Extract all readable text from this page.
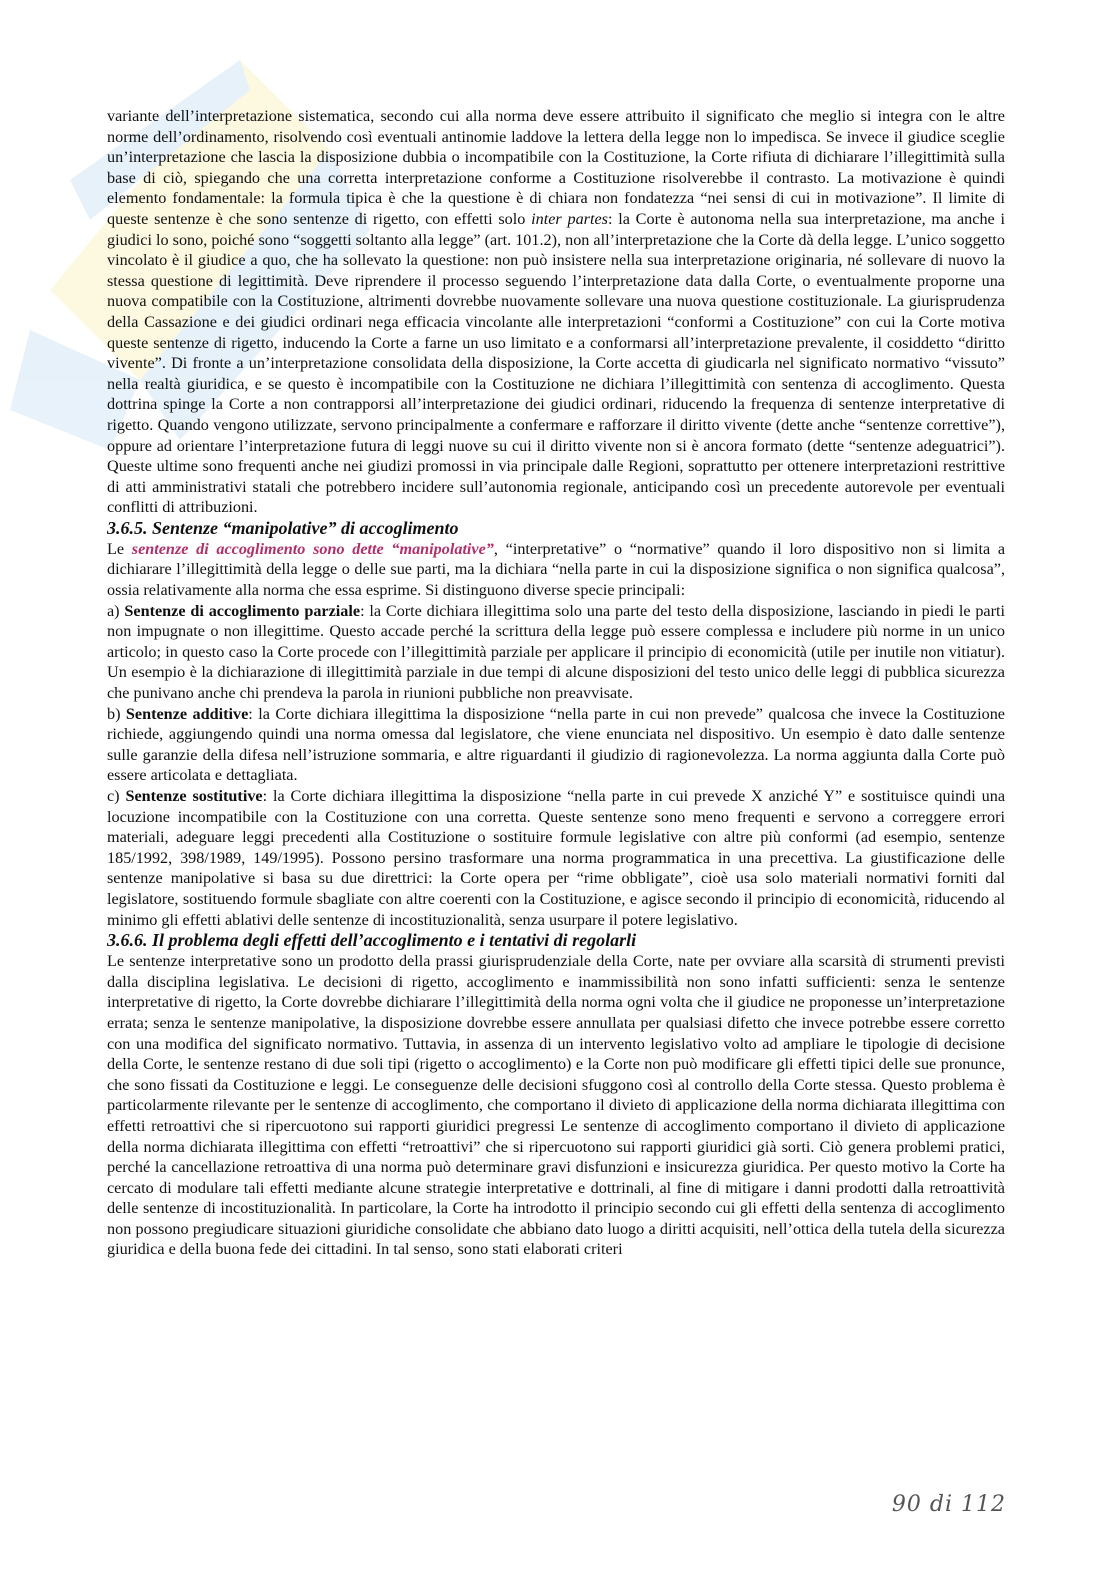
variante dell’interpretazione sistematica, secondo cui alla norma deve essere attribuito il significato che meglio si integra con le altre norme dell’ordinamento, risolvendo così eventuali antinomie laddove la lettera della legge non lo impedisca. Se invece il giudice sceglie un’interpretazione che lascia la disposizione dubbia o incompatibile con la Costituzione, la Corte rifiuta di dichiarare l’illegittimità sulla base di ciò, spiegando che una corretta interpretazione conforme a Costituzione risolverebbe il contrasto. La motivazione è quindi elemento fondamentale: la formula tipica è che la questione è di chiara non fondatezza “nei sensi di cui in motivazione”. Il limite di queste sentenze è che sono sentenze di rigetto, con effetti solo inter partes: la Corte è autonoma nella sua interpretazione, ma anche i giudici lo sono, poiché sono “soggetti soltanto alla legge” (art. 101.2), non all’interpretazione che la Corte dà della legge. L’unico soggetto vincolato è il giudice a quo, che ha sollevato la questione: non può insistere nella sua interpretazione originaria, né sollevare di nuovo la stessa questione di legittimità. Deve riprendere il processo seguendo l’interpretazione data dalla Corte, o eventualmente proporne una nuova compatibile con la Costituzione, altrimenti dovrebbe nuovamente sollevare una nuova questione costituzionale. La giurisprudenza della Cassazione e dei giudici ordinari nega efficacia vincolante alle interpretazioni “conformi a Costituzione” con cui la Corte motiva queste sentenze di rigetto, inducendo la Corte a farne un uso limitato e a conformarsi all’interpretazione prevalente, il cosiddetto “diritto vivente”. Di fronte a un’interpretazione consolidata della disposizione, la Corte accetta di giudicarla nel significato normativo “vissuto” nella realtà giuridica, e se questo è incompatibile con la Costituzione ne dichiara l’illegittimità con sentenza di accoglimento. Questa dottrina spinge la Corte a non contrapporsi all’interpretazione dei giudici ordinari, riducendo la frequenza di sentenze interpretative di rigetto. Quando vengono utilizzate, servono principalmente a confermare e rafforzare il diritto vivente (dette anche “sentenze correttive”), oppure ad orientare l’interpretazione futura di leggi nuove su cui il diritto vivente non si è ancora formato (dette “sentenze adeguatrici”). Queste ultime sono frequenti anche nei giudizi promossi in via principale dalle Regioni, soprattutto per ottenere interpretazioni restrittive di atti amministrativi statali che potrebbero incidere sull’autonomia regionale, anticipando così un precedente autorevole per eventuali conflitti di attribuzioni.

3.6.5. Sentenze “manipolative” di accoglimento

Le sentenze di accoglimento sono dette “manipolative”, “interpretative” o “normative” quando il loro dispositivo non si limita a dichiarare l’illegittimità della legge o delle sue parti, ma la dichiara “nella parte in cui la disposizione significa o non significa qualcosa”, ossia relativamente alla norma che essa esprime. Si distinguono diverse specie principali:

a) Sentenze di accoglimento parziale: la Corte dichiara illegittima solo una parte del testo della disposizione, lasciando in piedi le parti non impugnate o non illegittime. Questo accade perché la scrittura della legge può essere complessa e includere più norme in un unico articolo; in questo caso la Corte procede con l’illegittimità parziale per applicare il principio di economicità (utile per inutile non vitiatur). Un esempio è la dichiarazione di illegittimità parziale in due tempi di alcune disposizioni del testo unico delle leggi di pubblica sicurezza che punivano anche chi prendeva la parola in riunioni pubbliche non preavvisate.

b) Sentenze additive: la Corte dichiara illegittima la disposizione “nella parte in cui non prevede” qualcosa che invece la Costituzione richiede, aggiungendo quindi una norma omessa dal legislatore, che viene enunciata nel dispositivo. Un esempio è dato dalle sentenze sulle garanzie della difesa nell’istruzione sommaria, e altre riguardanti il giudizio di ragionevolezza. La norma aggiunta dalla Corte può essere articolata e dettagliata.

c) Sentenze sostitutive: la Corte dichiara illegittima la disposizione “nella parte in cui prevede X anziché Y” e sostituisce quindi una locuzione incompatibile con la Costituzione con una corretta. Queste sentenze sono meno frequenti e servono a correggere errori materiali, adeguare leggi precedenti alla Costituzione o sostituire formule legislative con altre più conformi (ad esempio, sentenze 185/1992, 398/1989, 149/1995). Possono persino trasformare una norma programmatica in una precettiva. La giustificazione delle sentenze manipolative si basa su due direttrici: la Corte opera per “rime obbligate”, cioè usa solo materiali normativi forniti dal legislatore, sostituendo formule sbagliate con altre coerenti con la Costituzione, e agisce secondo il principio di economicità, riducendo al minimo gli effetti ablativi delle sentenze di incostituzionalità, senza usurpare il potere legislativo.

3.6.6. Il problema degli effetti dell’accoglimento e i tentativi di regolarli

Le sentenze interpretative sono un prodotto della prassi giurisprudenziale della Corte, nate per ovviare alla scarsità di strumenti previsti dalla disciplina legislativa. Le decisioni di rigetto, accoglimento e inammissibilità non sono infatti sufficienti: senza le sentenze interpretative di rigetto, la Corte dovrebbe dichiarare l’illegittimità della norma ogni volta che il giudice ne proponesse un’interpretazione errata; senza le sentenze manipolative, la disposizione dovrebbe essere annullata per qualsiasi difetto che invece potrebbe essere corretto con una modifica del significato normativo. Tuttavia, in assenza di un intervento legislativo volto ad ampliare le tipologie di decisione della Corte, le sentenze restano di due soli tipi (rigetto o accoglimento) e la Corte non può modificare gli effetti tipici delle sue pronunce, che sono fissati da Costituzione e leggi. Le conseguenze delle decisioni sfuggono così al controllo della Corte stessa. Questo problema è particolarmente rilevante per le sentenze di accoglimento, che comportano il divieto di applicazione della norma dichiarata illegittima con effetti retroattivi che si ripercuotono sui rapporti giuridici pregressi Le sentenze di accoglimento comportano il divieto di applicazione della norma dichiarata illegittima con effetti “retroattivi” che si ripercuotono sui rapporti giuridici già sorti. Ciò genera problemi pratici, perché la cancellazione retroattiva di una norma può determinare gravi disfunzioni e insicurezza giuridica. Per questo motivo la Corte ha cercato di modulare tali effetti mediante alcune strategie interpretative e dottrinali, al fine di mitigare i danni prodotti dalla retroattività delle sentenze di incostituzionalità. In particolare, la Corte ha introdotto il principio secondo cui gli effetti della sentenza di accoglimento non possono pregiudicare situazioni giuridiche consolidate che abbiano dato luogo a diritti acquisiti, nell’ottica della tutela della sicurezza giuridica e della buona fede dei cittadini. In tal senso, sono stati elaborati criteri

90 di 112
